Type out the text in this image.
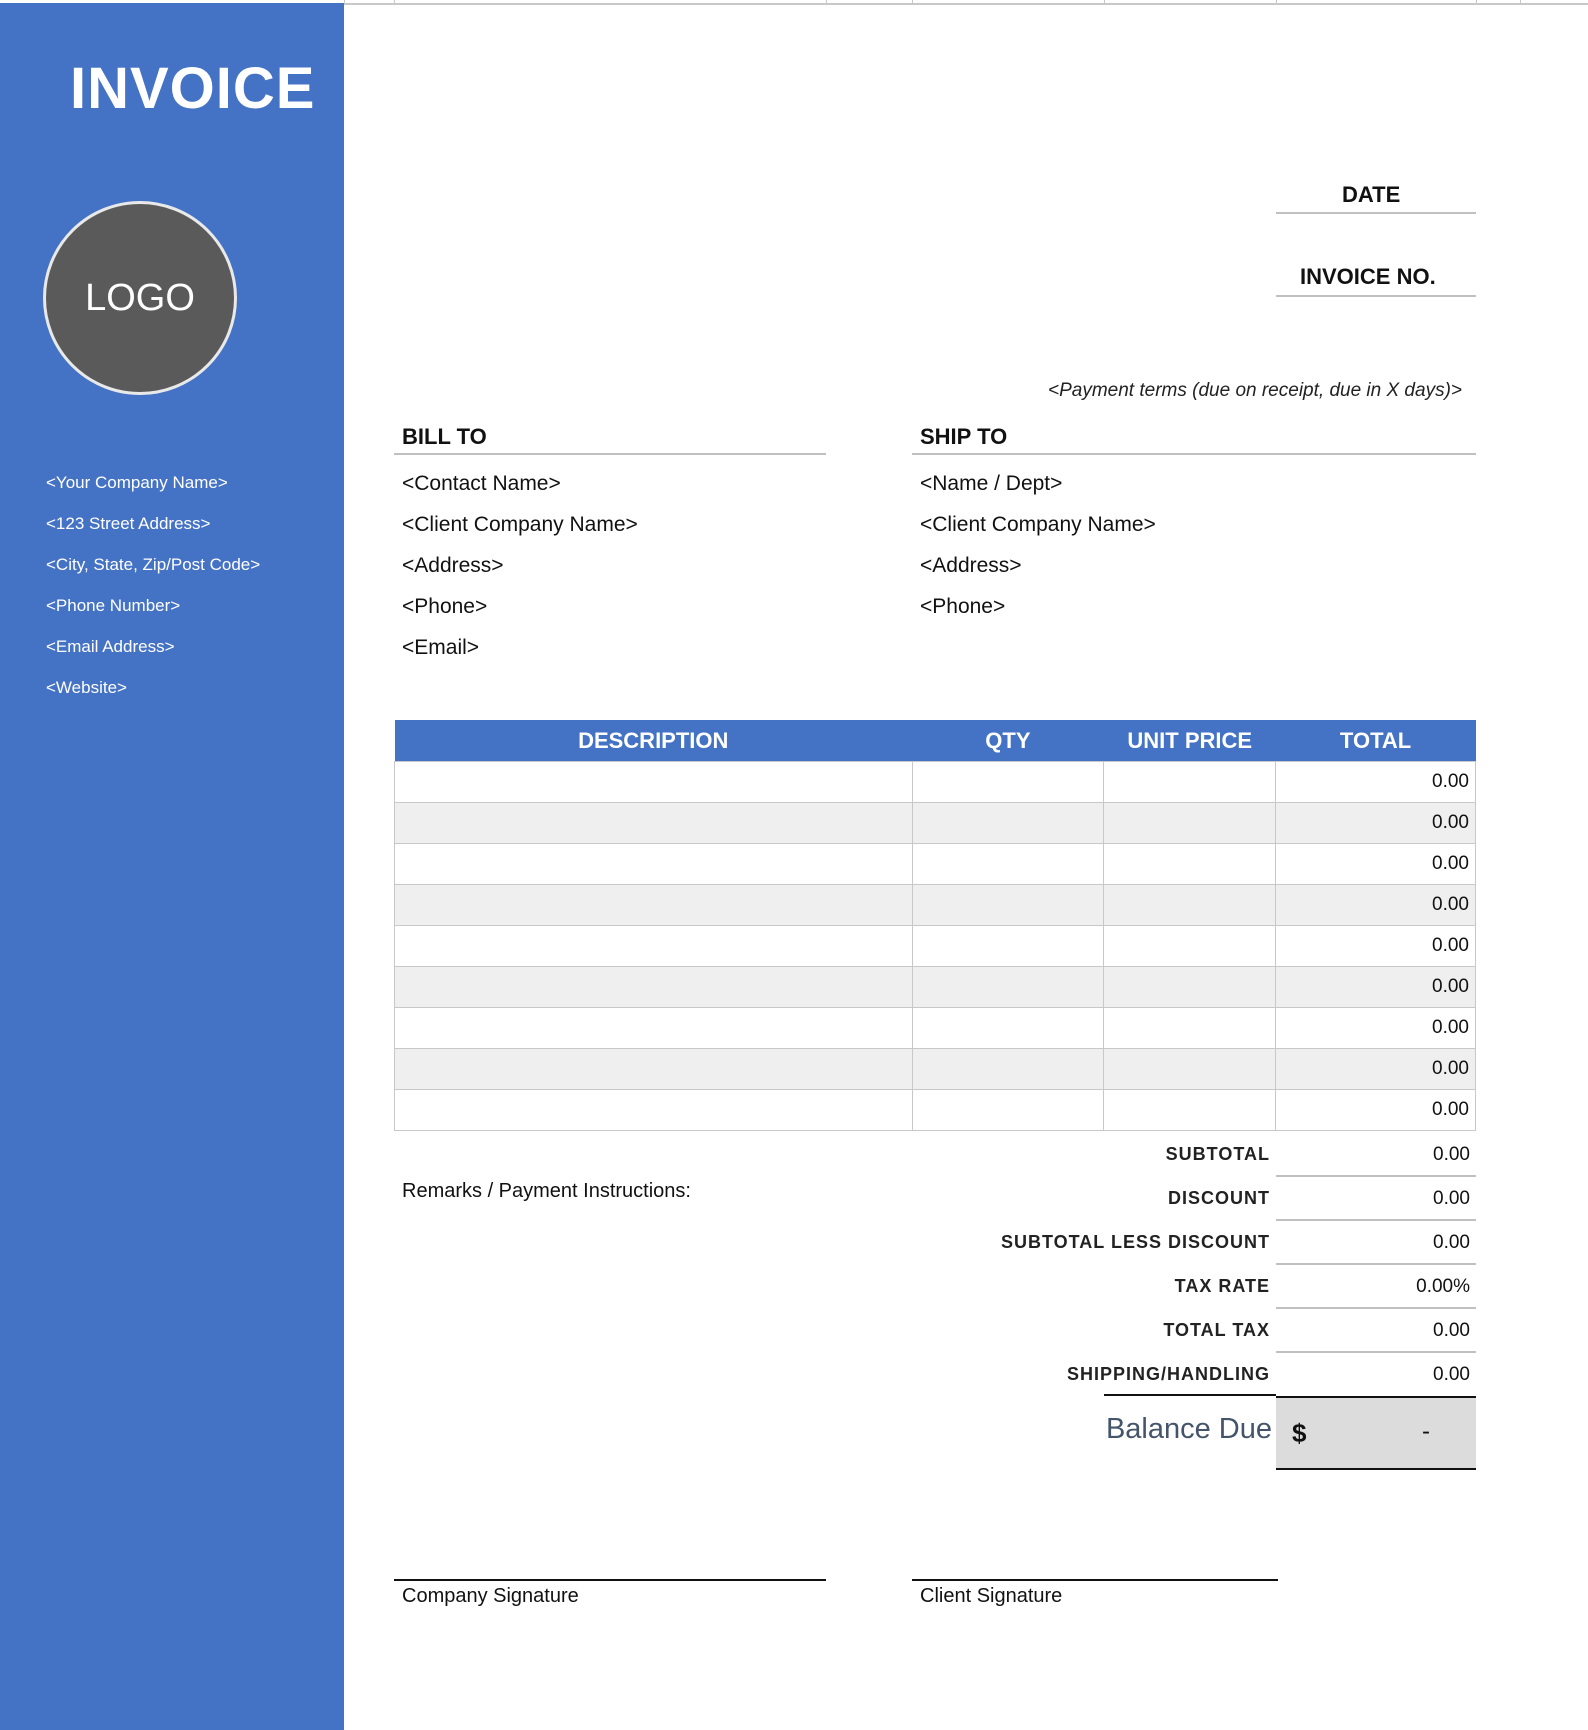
INVOICE
LOGO
<Your Company Name>
<123 Street Address>
<City, State, Zip/Post Code>
<Phone Number>
<Email Address>
<Website>
DATE
INVOICE NO.
<Payment terms (due on receipt, due in X days)>
BILL TO
<Contact Name>
<Client Company Name>
<Address>
<Phone>
<Email>
SHIP TO
<Name / Dept>
<Client Company Name>
<Address>
<Phone>
DESCRIPTION	QTY	UNIT PRICE	TOTAL
			0.00
			0.00
			0.00
			0.00
			0.00
			0.00
			0.00
			0.00
			0.00
Remarks / Payment Instructions:
SUBTOTAL	0.00
DISCOUNT	0.00
SUBTOTAL LESS DISCOUNT	0.00
TAX RATE	0.00%
TOTAL TAX	0.00
SHIPPING/HANDLING	0.00
Balance Due $	-
Company Signature	Client Signature
